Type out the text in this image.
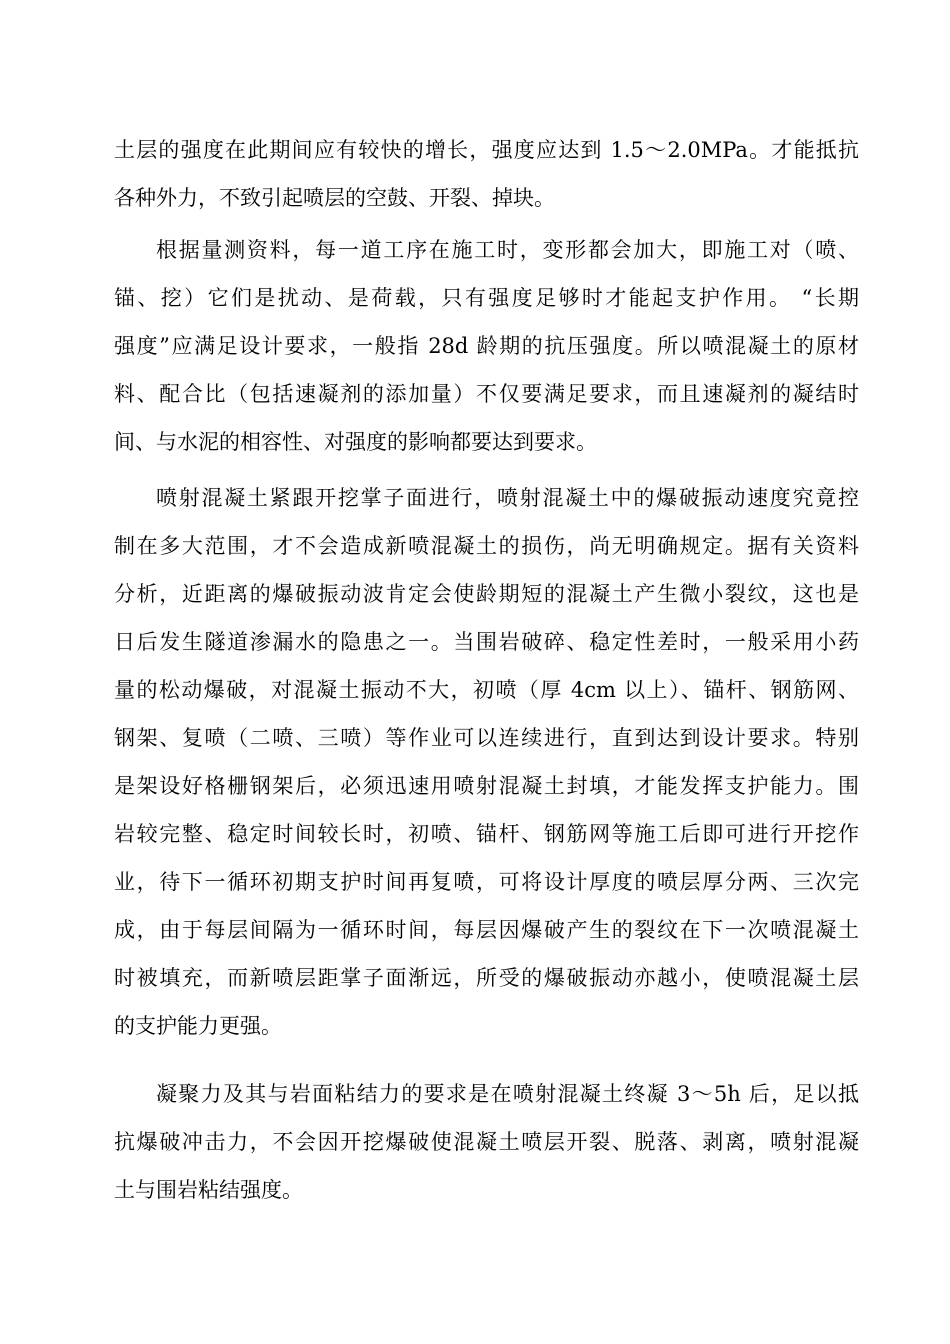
土层的强度在此期间应有较快的增长，强度应达到 1.5～2.0MPa。才能抵抗
各种外力，不致引起喷层的空鼓、开裂、掉块。
根据量测资料，每一道工序在施工时，变形都会加大，即施工对（喷、
锚、挖）它们是扰动、是荷载，只有强度足够时才能起支护作用。 “长期
强度”应满足设计要求，一般指 28d 龄期的抗压强度。所以喷混凝土的原材
料、配合比（包括速凝剂的添加量）不仅要满足要求，而且速凝剂的凝结时
间、与水泥的相容性、对强度的影响都要达到要求。
喷射混凝土紧跟开挖掌子面进行，喷射混凝土中的爆破振动速度究竟控
制在多大范围，才不会造成新喷混凝土的损伤，尚无明确规定。据有关资料
分析，近距离的爆破振动波肯定会使龄期短的混凝土产生微小裂纹，这也是
日后发生隧道渗漏水的隐患之一。当围岩破碎、稳定性差时，一般采用小药
量的松动爆破，对混凝土振动不大，初喷（厚 4cm 以上）、锚杆、钢筋网、
钢架、复喷（二喷、三喷）等作业可以连续进行，直到达到设计要求。特别
是架设好格栅钢架后，必须迅速用喷射混凝土封填，才能发挥支护能力。围
岩较完整、稳定时间较长时，初喷、锚杆、钢筋网等施工后即可进行开挖作
业，待下一循环初期支护时间再复喷，可将设计厚度的喷层厚分两、三次完
成，由于每层间隔为一循环时间，每层因爆破产生的裂纹在下一次喷混凝土
时被填充，而新喷层距掌子面渐远，所受的爆破振动亦越小，使喷混凝土层
的支护能力更强。
凝聚力及其与岩面粘结力的要求是在喷射混凝土终凝 3～5h 后，足以抵
抗爆破冲击力，不会因开挖爆破使混凝土喷层开裂、脱落、剥离，喷射混凝
土与围岩粘结强度。
